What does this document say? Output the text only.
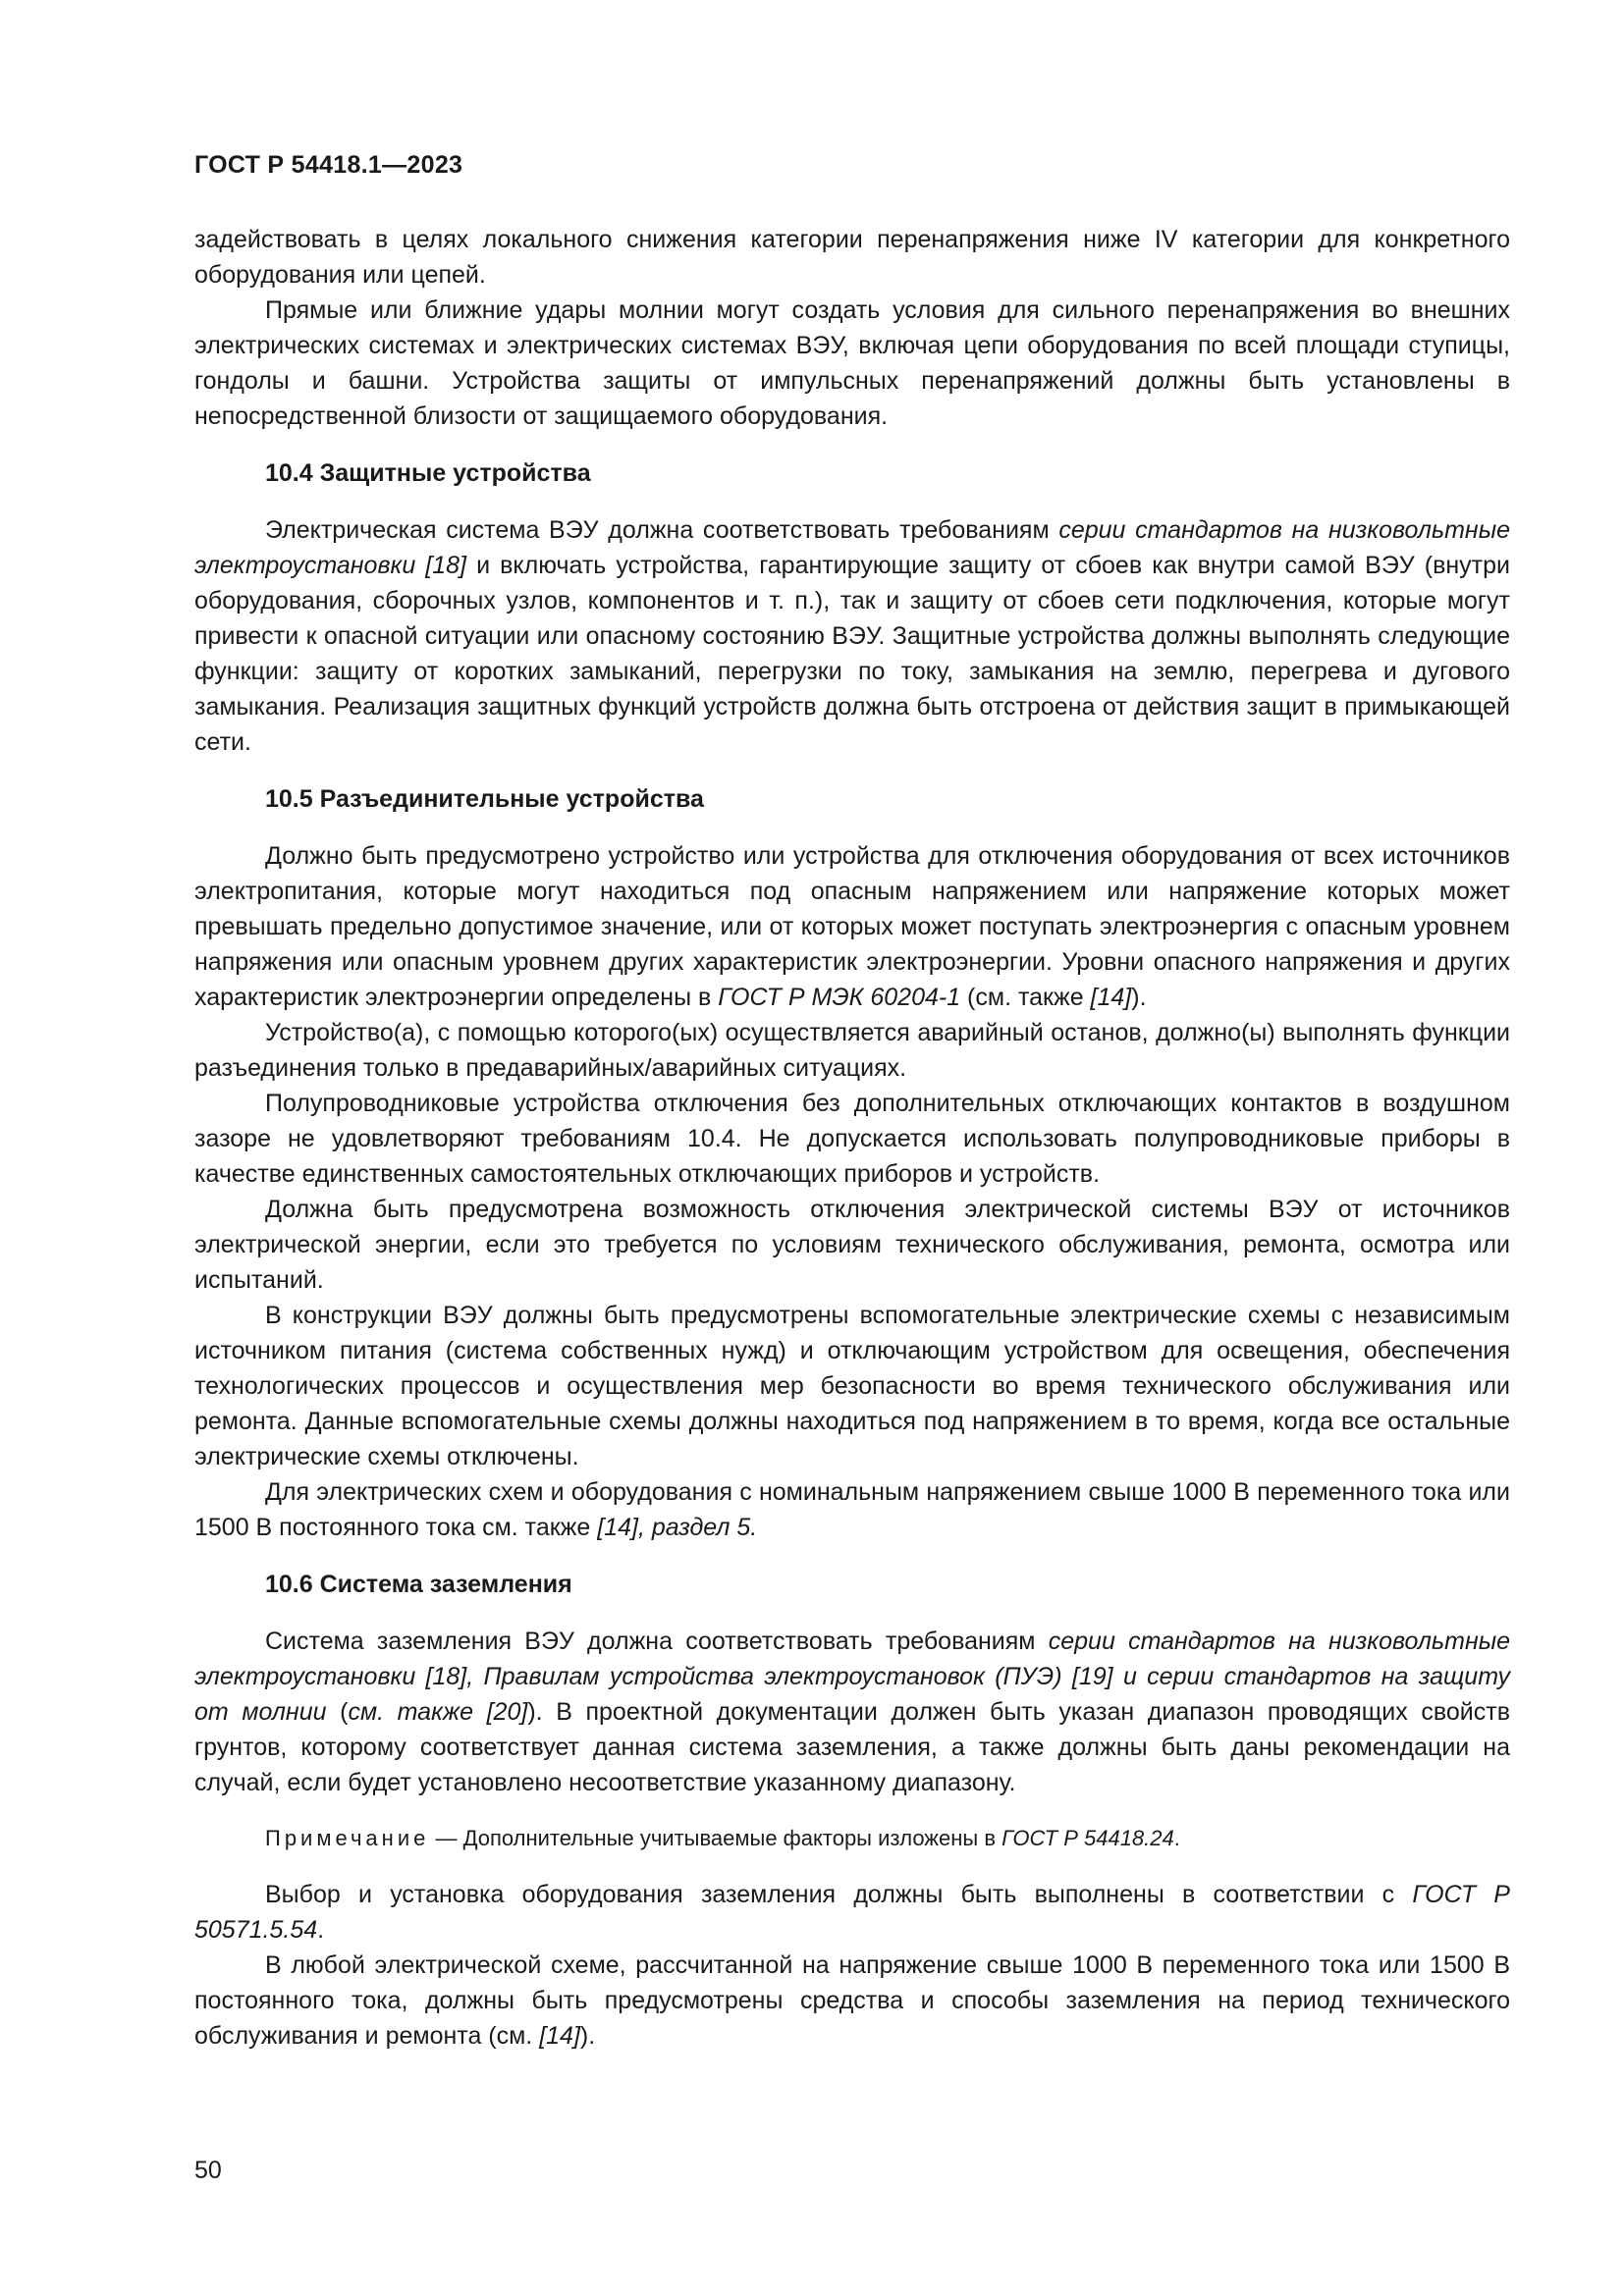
ГОСТ Р 54418.1—2023

задействовать в целях локального снижения категории перенапряжения ниже IV категории для конкретного оборудования или цепей.

Прямые или ближние удары молнии могут создать условия для сильного перенапряжения во внешних электрических системах и электрических системах ВЭУ, включая цепи оборудования по всей площади ступицы, гондолы и башни. Устройства защиты от импульсных перенапряжений должны быть установлены в непосредственной близости от защищаемого оборудования.

10.4 Защитные устройства

Электрическая система ВЭУ должна соответствовать требованиям серии стандартов на низковольтные электроустановки [18] и включать устройства, гарантирующие защиту от сбоев как внутри самой ВЭУ (внутри оборудования, сборочных узлов, компонентов и т. п.), так и защиту от сбоев сети подключения, которые могут привести к опасной ситуации или опасному состоянию ВЭУ. Защитные устройства должны выполнять следующие функции: защиту от коротких замыканий, перегрузки по току, замыкания на землю, перегрева и дугового замыкания. Реализация защитных функций устройств должна быть отстроена от действия защит в примыкающей сети.

10.5 Разъединительные устройства

Должно быть предусмотрено устройство или устройства для отключения оборудования от всех источников электропитания, которые могут находиться под опасным напряжением или напряжение которых может превышать предельно допустимое значение, или от которых может поступать электроэнергия с опасным уровнем напряжения или опасным уровнем других характеристик электроэнергии. Уровни опасного напряжения и других характеристик электроэнергии определены в ГОСТ Р МЭК 60204-1 (см. также [14]).

Устройство(а), с помощью которого(ых) осуществляется аварийный останов, должно(ы) выполнять функции разъединения только в предаварийных/аварийных ситуациях.

Полупроводниковые устройства отключения без дополнительных отключающих контактов в воздушном зазоре не удовлетворяют требованиям 10.4. Не допускается использовать полупроводниковые приборы в качестве единственных самостоятельных отключающих приборов и устройств.

Должна быть предусмотрена возможность отключения электрической системы ВЭУ от источников электрической энергии, если это требуется по условиям технического обслуживания, ремонта, осмотра или испытаний.

В конструкции ВЭУ должны быть предусмотрены вспомогательные электрические схемы с независимым источником питания (система собственных нужд) и отключающим устройством для освещения, обеспечения технологических процессов и осуществления мер безопасности во время технического обслуживания или ремонта. Данные вспомогательные схемы должны находиться под напряжением в то время, когда все остальные электрические схемы отключены.

Для электрических схем и оборудования с номинальным напряжением свыше 1000 В переменного тока или 1500 В постоянного тока см. также [14], раздел 5.

10.6 Система заземления

Система заземления ВЭУ должна соответствовать требованиям серии стандартов на низковольтные электроустановки [18], Правилам устройства электроустановок (ПУЭ) [19] и серии стандартов на защиту от молнии (см. также [20]). В проектной документации должен быть указан диапазон проводящих свойств грунтов, которому соответствует данная система заземления, а также должны быть даны рекомендации на случай, если будет установлено несоответствие указанному диапазону.

Примечание — Дополнительные учитываемые факторы изложены в ГОСТ Р 54418.24.

Выбор и установка оборудования заземления должны быть выполнены в соответствии с ГОСТ Р 50571.5.54.

В любой электрической схеме, рассчитанной на напряжение свыше 1000 В переменного тока или 1500 В постоянного тока, должны быть предусмотрены средства и способы заземления на период технического обслуживания и ремонта (см. [14]).

50
